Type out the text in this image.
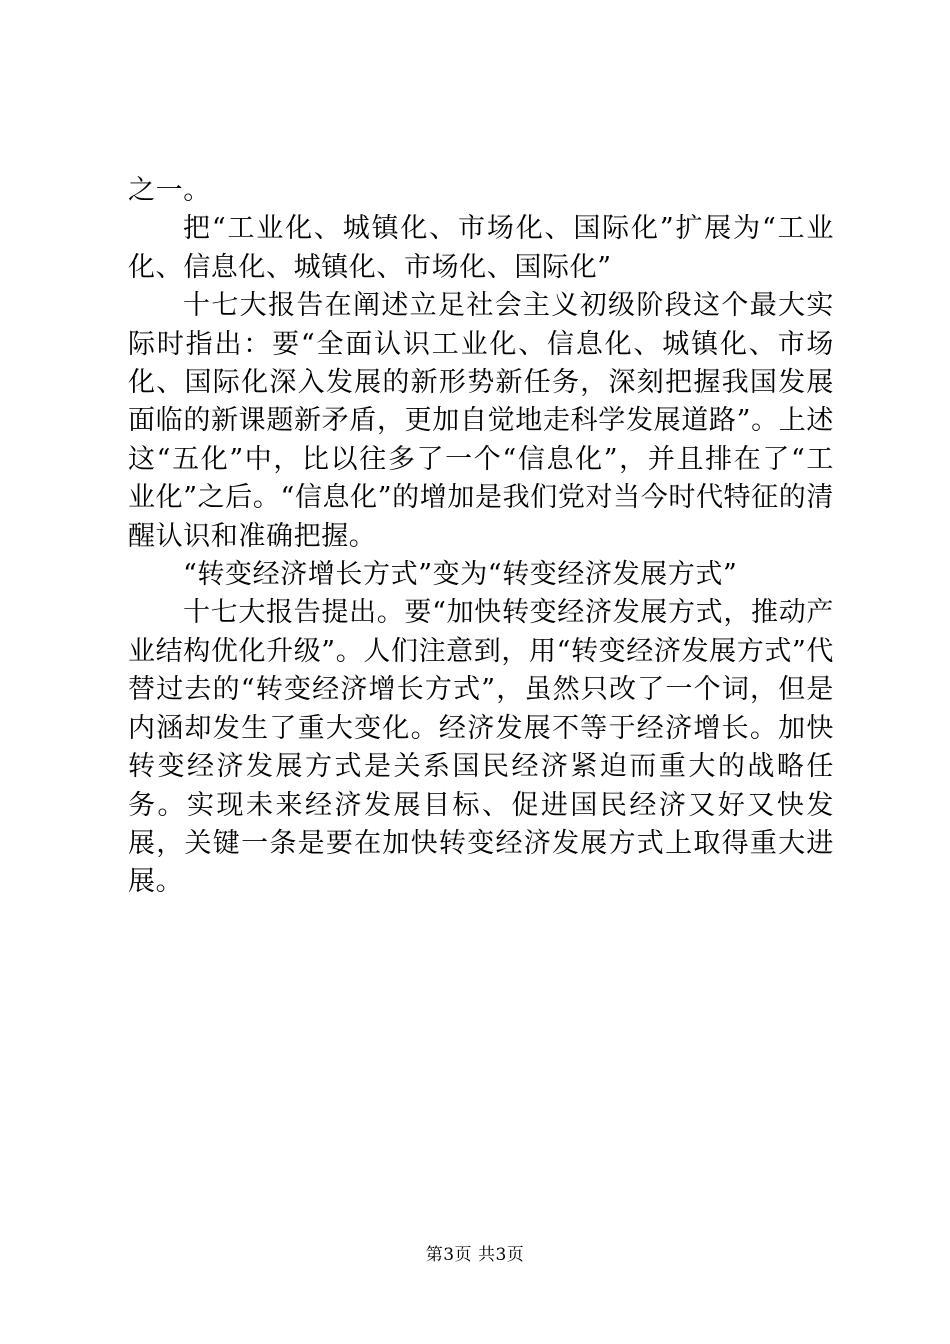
之一。

把“工业化、城镇化、市场化、国际化”扩展为“工业化、信息化、城镇化、市场化、国际化”

十七大报告在阐述立足社会主义初级阶段这个最大实际时指出：要“全面认识工业化、信息化、城镇化、市场化、国际化深入发展的新形势新任务，深刻把握我国发展面临的新课题新矛盾，更加自觉地走科学发展道路”。上述这“五化”中，比以往多了一个“信息化”，并且排在了“工业化”之后。“信息化”的增加是我们党对当今时代特征的清醒认识和准确把握。

“转变经济增长方式”变为“转变经济发展方式”

十七大报告提出。要“加快转变经济发展方式，推动产业结构优化升级”。人们注意到，用“转变经济发展方式”代替过去的“转变经济增长方式”，虽然只改了一个词，但是内涵却发生了重大变化。经济发展不等于经济增长。加快转变经济发展方式是关系国民经济紧迫而重大的战略任务。实现未来经济发展目标、促进国民经济又好又快发展，关键一条是要在加快转变经济发展方式上取得重大进展。

第3页 共3页
